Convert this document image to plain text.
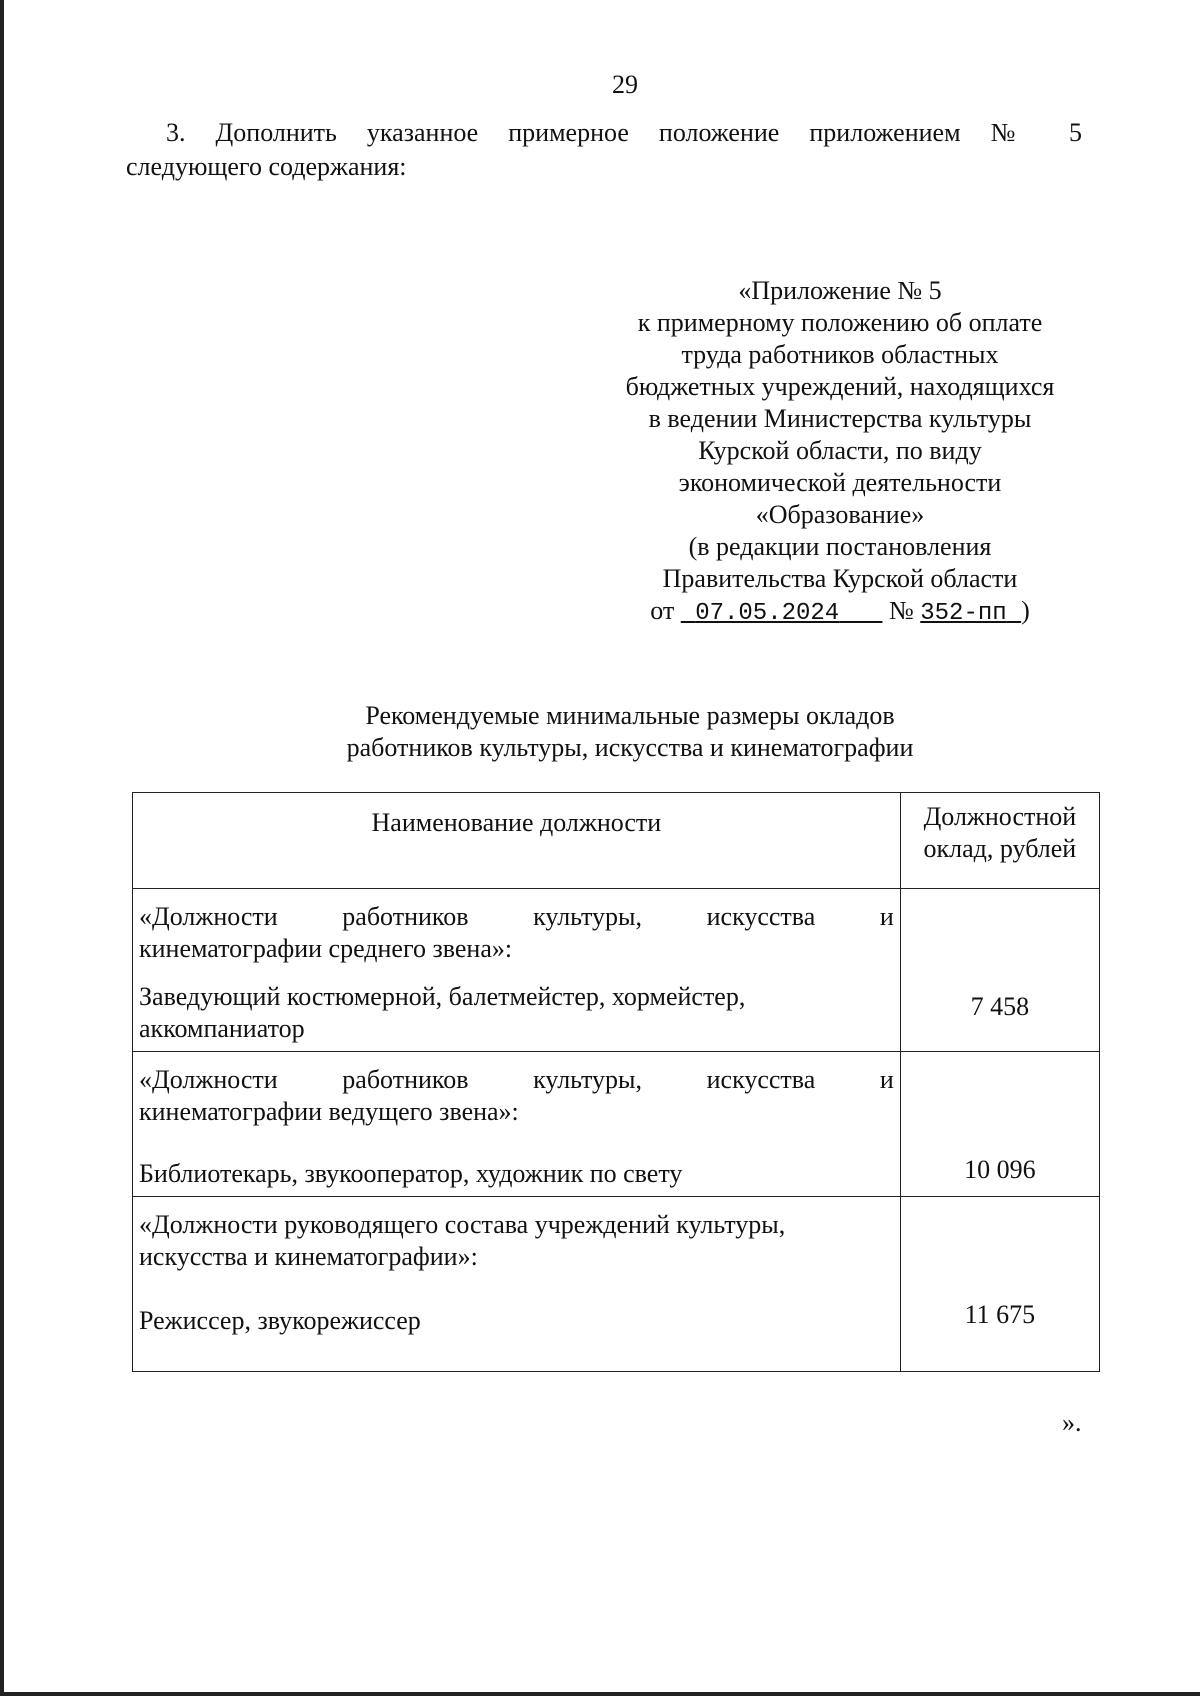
29
3. Дополнить указанное примерное положение приложением № 5
следующего содержания:
«Приложение № 5
к примерному положению об оплате
труда работников областных
бюджетных учреждений, находящихся
в ведении Министерства культуры
Курской области, по виду
экономической деятельности
«Образование»
(в редакции постановления
Правительства Курской области
от 07.05.2024 № 352-пп )
Рекомендуемые минимальные размеры окладов
работников культуры, искусства и кинематографии
Наименование должности	Должностной
оклад, рублей

«Должности работников культуры, искусства и
кинематографии среднего звена»:
Заведующий костюмерной, балетмейстер, хормейстер, аккомпаниатор	7 458

«Должности работников культуры, искусства и
кинематографии ведущего звена»:
Библиотекарь, звукооператор, художник по свету	10 096

«Должности руководящего состава учреждений культуры,
искусства и кинематографии»:
Режиссер, звукорежиссер	11 675
».
